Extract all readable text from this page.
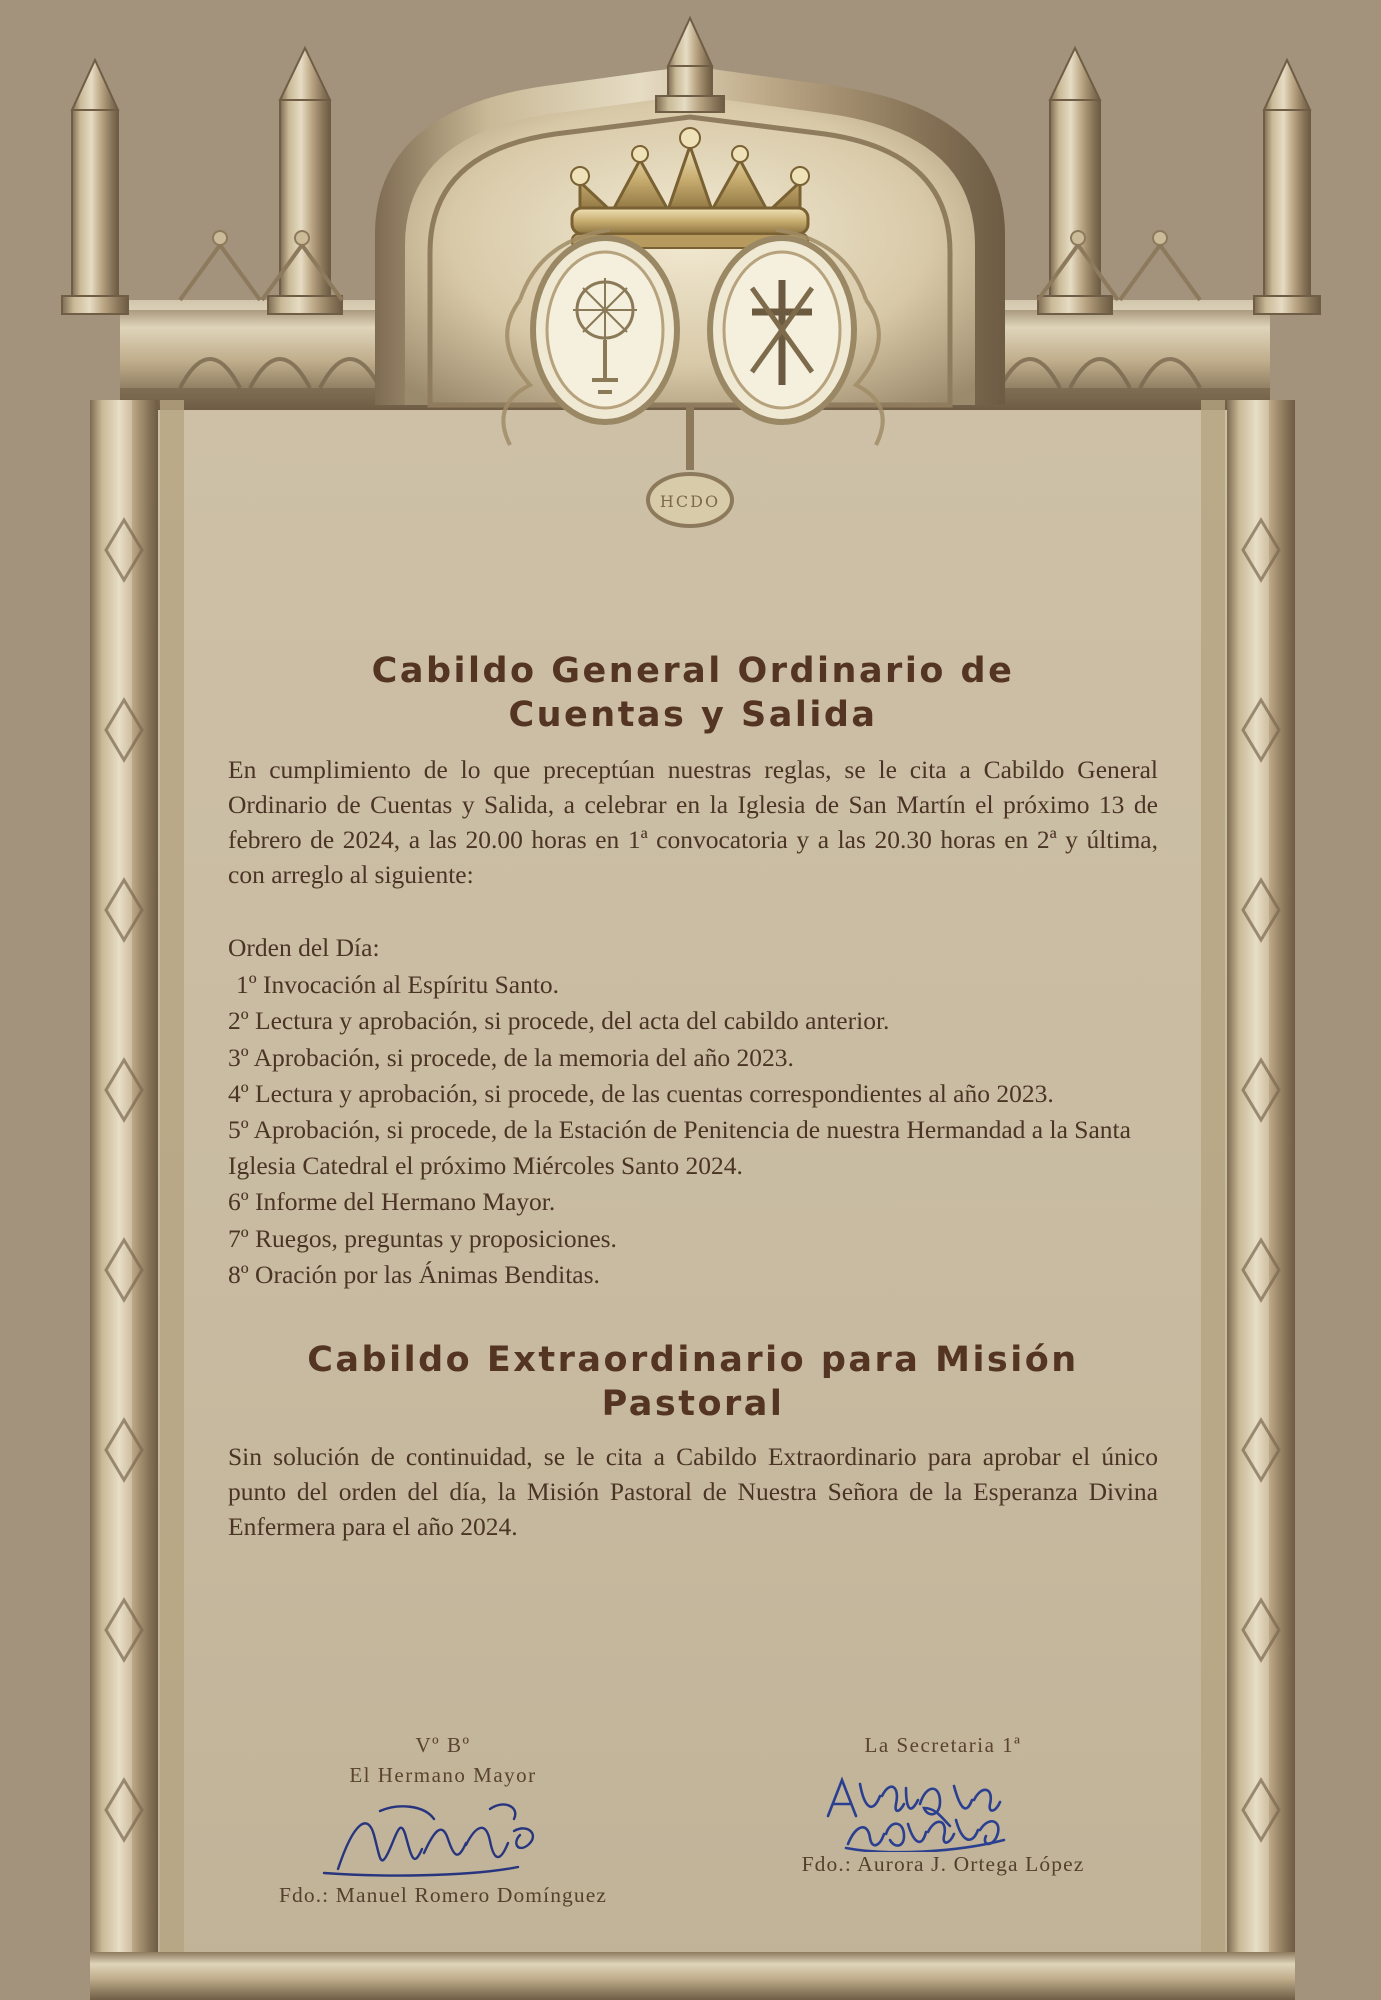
HCDO
Cabildo General Ordinario de
Cuentas y Salida

En cumplimiento de lo que preceptúan nuestras reglas, se le cita a Cabildo General Ordinario de Cuentas y Salida, a celebrar en la Iglesia de San Martín el próximo 13 de febrero de 2024, a las 20.00 horas en 1ª convocatoria y a las 20.30 horas en 2ª y última, con arreglo al siguiente:

Orden del Día:

1º Invocación al Espíritu Santo.
2º Lectura y aprobación, si procede, del acta del cabildo anterior.
3º Aprobación, si procede, de la memoria del año 2023.
4º Lectura y aprobación, si procede, de las cuentas correspondientes al año 2023.
5º Aprobación, si procede, de la Estación de Penitencia de nuestra Hermandad a la Santa Iglesia Catedral el próximo Miércoles Santo 2024.
6º Informe del Hermano Mayor.
7º Ruegos, preguntas y proposiciones.
8º Oración por las Ánimas Benditas.
Cabildo Extraordinario para Misión Pastoral

Sin solución de continuidad, se le cita a Cabildo Extraordinario para aprobar el único punto del orden del día, la Misión Pastoral de Nuestra Señora de la Esperanza Divina Enfermera para el año 2024.

Vº Bº

El Hermano Mayor

Fdo.: Manuel Romero Domínguez

La Secretaria 1ª

Fdo.: Aurora J. Ortega López
